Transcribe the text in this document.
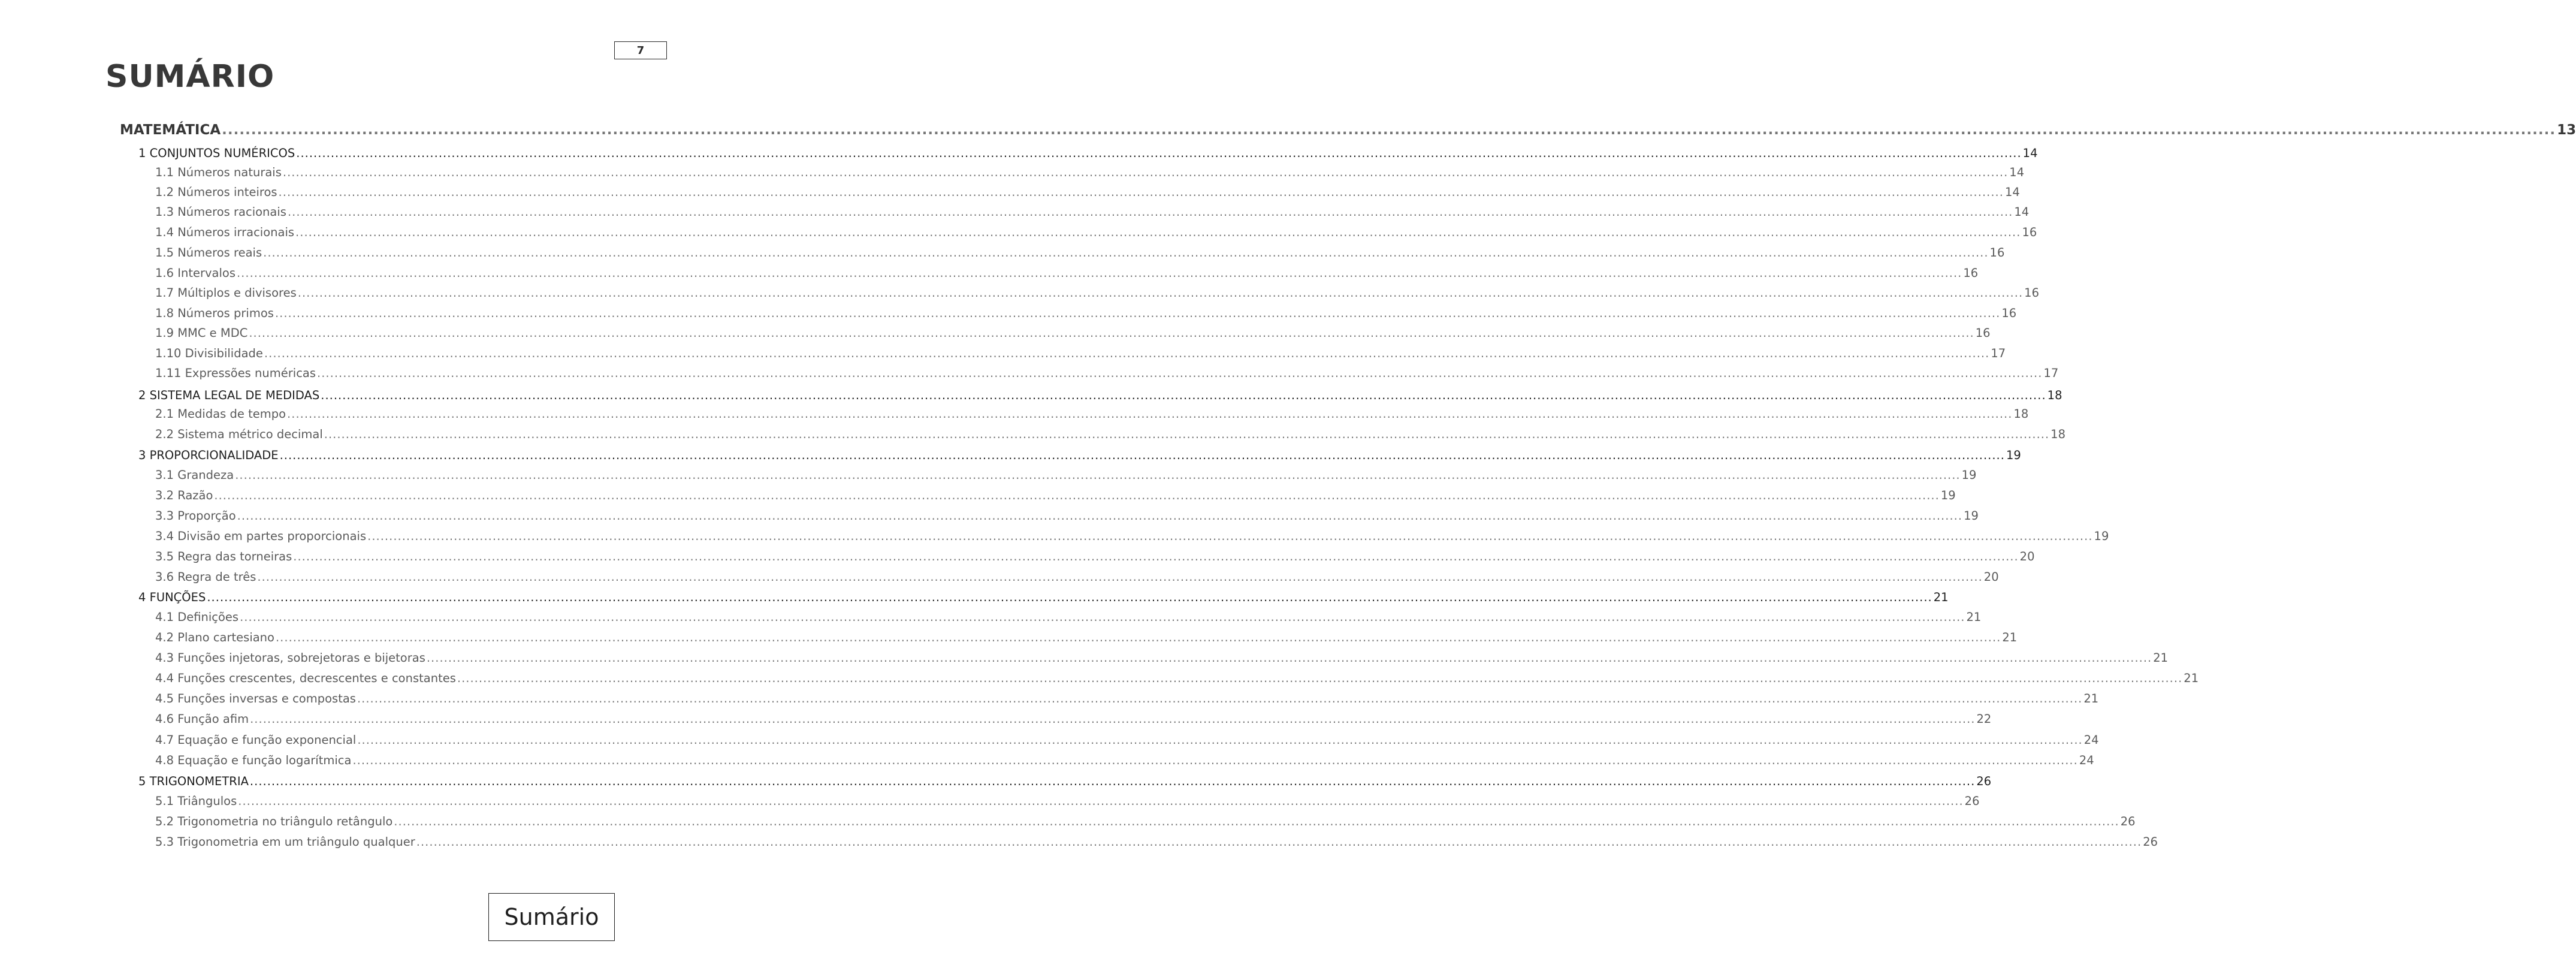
7
SUMÁRIO
MATEMÁTICA ................................................................................................................................................................................................................................................................................................................................................................................................................ 13
1 CONJUNTOS NUMÉRICOS ................................................................................................................................................................................................................................................................................................................................................................................................................ 14
1.1 Números naturais ................................................................................................................................................................................................................................................................................................................................................................................................................ 14
1.2 Números inteiros ................................................................................................................................................................................................................................................................................................................................................................................................................ 14
1.3 Números racionais ................................................................................................................................................................................................................................................................................................................................................................................................................ 14
1.4 Números irracionais ................................................................................................................................................................................................................................................................................................................................................................................................................ 16
1.5 Números reais ................................................................................................................................................................................................................................................................................................................................................................................................................ 16
1.6 Intervalos ................................................................................................................................................................................................................................................................................................................................................................................................................ 16
1.7 Múltiplos e divisores ................................................................................................................................................................................................................................................................................................................................................................................................................ 16
1.8 Números primos ................................................................................................................................................................................................................................................................................................................................................................................................................ 16
1.9 MMC e MDC ................................................................................................................................................................................................................................................................................................................................................................................................................ 16
1.10 Divisibilidade ................................................................................................................................................................................................................................................................................................................................................................................................................ 17
1.11 Expressões numéricas ................................................................................................................................................................................................................................................................................................................................................................................................................ 17
2 SISTEMA LEGAL DE MEDIDAS ................................................................................................................................................................................................................................................................................................................................................................................................................ 18
2.1 Medidas de tempo ................................................................................................................................................................................................................................................................................................................................................................................................................ 18
2.2 Sistema métrico decimal ................................................................................................................................................................................................................................................................................................................................................................................................................ 18
3 PROPORCIONALIDADE ................................................................................................................................................................................................................................................................................................................................................................................................................ 19
3.1 Grandeza ................................................................................................................................................................................................................................................................................................................................................................................................................ 19
3.2 Razão ................................................................................................................................................................................................................................................................................................................................................................................................................ 19
3.3 Proporção ................................................................................................................................................................................................................................................................................................................................................................................................................ 19
3.4 Divisão em partes proporcionais ................................................................................................................................................................................................................................................................................................................................................................................................................ 19
3.5 Regra das torneiras ................................................................................................................................................................................................................................................................................................................................................................................................................ 20
3.6 Regra de três ................................................................................................................................................................................................................................................................................................................................................................................................................ 20
4 FUNÇÕES ................................................................................................................................................................................................................................................................................................................................................................................................................ 21
4.1 Definições ................................................................................................................................................................................................................................................................................................................................................................................................................ 21
4.2 Plano cartesiano ................................................................................................................................................................................................................................................................................................................................................................................................................ 21
4.3 Funções injetoras, sobrejetoras e bijetoras ................................................................................................................................................................................................................................................................................................................................................................................................................ 21
4.4 Funções crescentes, decrescentes e constantes ................................................................................................................................................................................................................................................................................................................................................................................................................ 21
4.5 Funções inversas e compostas ................................................................................................................................................................................................................................................................................................................................................................................................................ 21
4.6 Função afim ................................................................................................................................................................................................................................................................................................................................................................................................................ 22
4.7 Equação e função exponencial ................................................................................................................................................................................................................................................................................................................................................................................................................ 24
4.8 Equação e função logarítmica ................................................................................................................................................................................................................................................................................................................................................................................................................ 24
5 TRIGONOMETRIA ................................................................................................................................................................................................................................................................................................................................................................................................................ 26
5.1 Triângulos ................................................................................................................................................................................................................................................................................................................................................................................................................ 26
5.2 Trigonometria no triângulo retângulo ................................................................................................................................................................................................................................................................................................................................................................................................................ 26
5.3 Trigonometria em um triângulo qualquer ................................................................................................................................................................................................................................................................................................................................................................................................................ 26
Sumário
